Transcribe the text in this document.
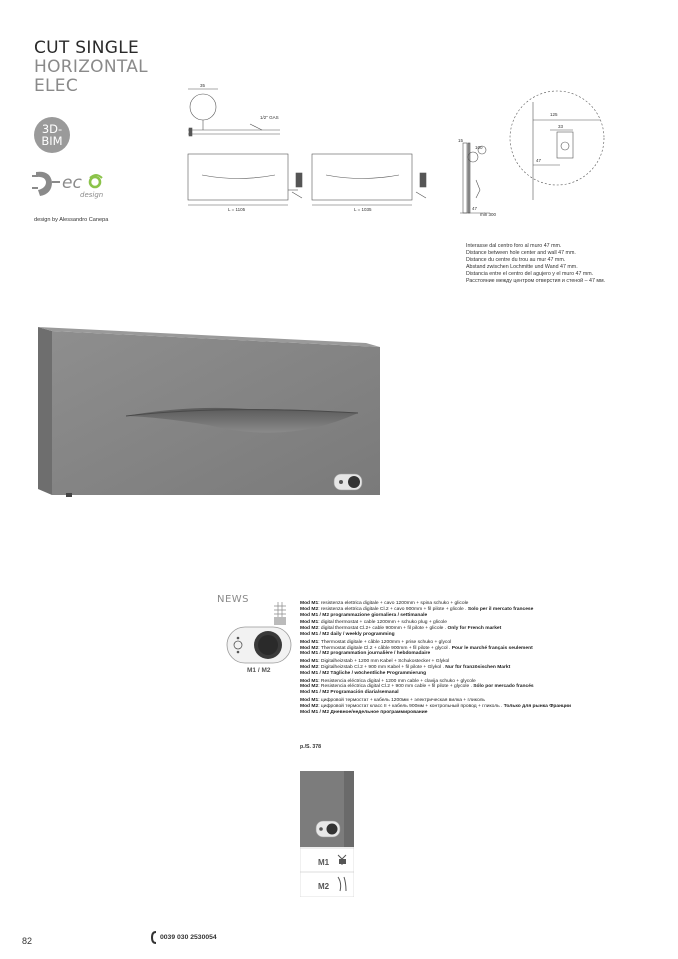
CUT SINGLE
HORIZONTAL
ELEC
3D-
BIM
ec
design
design by Alessandro Canepa
35
1/2" GAS
L = 1105	L = 1035
15
100
47
min 300
125
33
47
Interasse dal centro foro al muro 47 mm.
Distance between hole center and wall 47 mm.
Distance du centre du trou au mur 47 mm.
Abstand zwischen Lochmitte und Wand 47 mm.
Distancia entre el centro del agujero y el muro 47 mm.
Расстояние между центром отверстия и стеной – 47 мм.
NEWS
M1 / M2
Mod M1: resistenza elettrica digitale + cavo 1200mm + spina schuko + glicole
Mod M2: resistenza elettrica digitale Cl.2 + cavo 900mm + fil pilote + glicole . Solo per il mercato francese
Mod M1 / M2 programmazione giornaliera / settimanale
Mod M1: digital thermostat + cable 1200mm + schuko plug + glicole
Mod M2: digital thermostat Cl.2+ cable 900mm + fil pilote + glicole . Only for French market
Mod M1 / M2 daily / weekly programming
Mod M1: Thermostat digitale + câble 1200mm + prise schuko + glycol
Mod M2: Thermostat digitale Cl.2 + câble 900mm + fil pilote + glycol . Pour le marché français seulement
Mod M1 / M2 programmation journalière / hebdomadaire
Mod M1: Digitalheizstab + 1200 mm Kabel + Schukostecker + Glykol
Mod M2: Digitalheizstab Cl.2 + 900 mm Kabel + fil pilote + Glykol . Nur für französischen Markt
Mod M1 / M2 Tägliche / wöchentliche Programmierung
Mod M1: Resistencia eléctrica digital + 1200 mm cable + clavija schuko + glycole
Mod M2: Resistencia eléctrica digital Cl.2 + 900 mm cable + fil pilote + glycole . Sólo por mercado francés
Mod M1 / M2 Programación diaria/semanal
Mod M1: цифровой термостат + кабель 1200мм + электрическая вилка + гликоль
Mod M2: цифровой термостат класс II + кабель 900мм + контрольный провод + гликоль . Только для рынка Франции
Mod M1 / M2 Дневное/недельное программирование
p./S. 378
M1
M2
0039 030 2530054
82
